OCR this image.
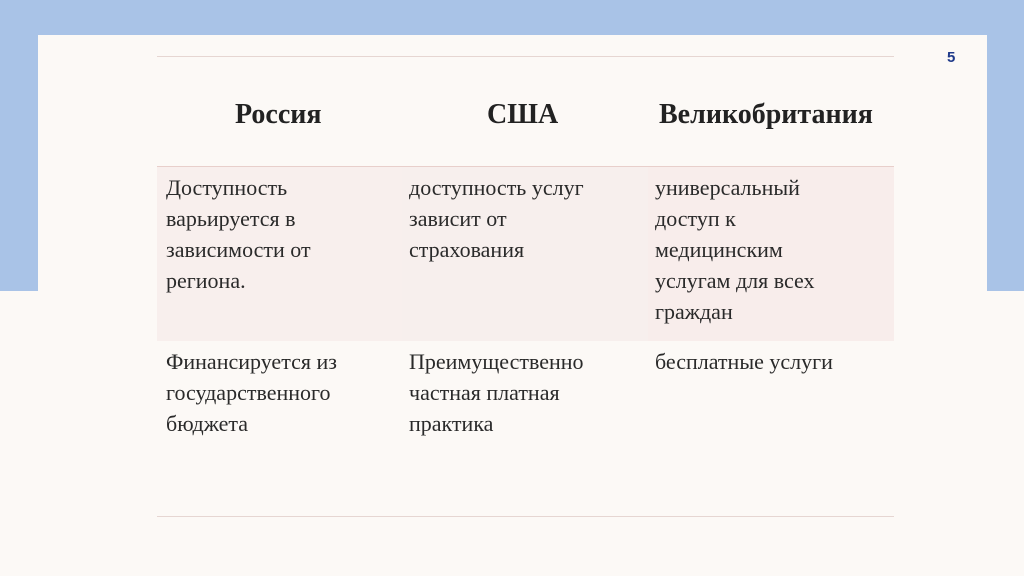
5
Россия	США	Великобритания
Доступность
варьируется в
зависимости от
региона.
доступность услуг
зависит от
страхования
универсальный
доступ к
медицинским
услугам для всех
граждан
Финансируется из
государственного
бюджета
Преимущественно
частная платная
практика
бесплатные услуги
